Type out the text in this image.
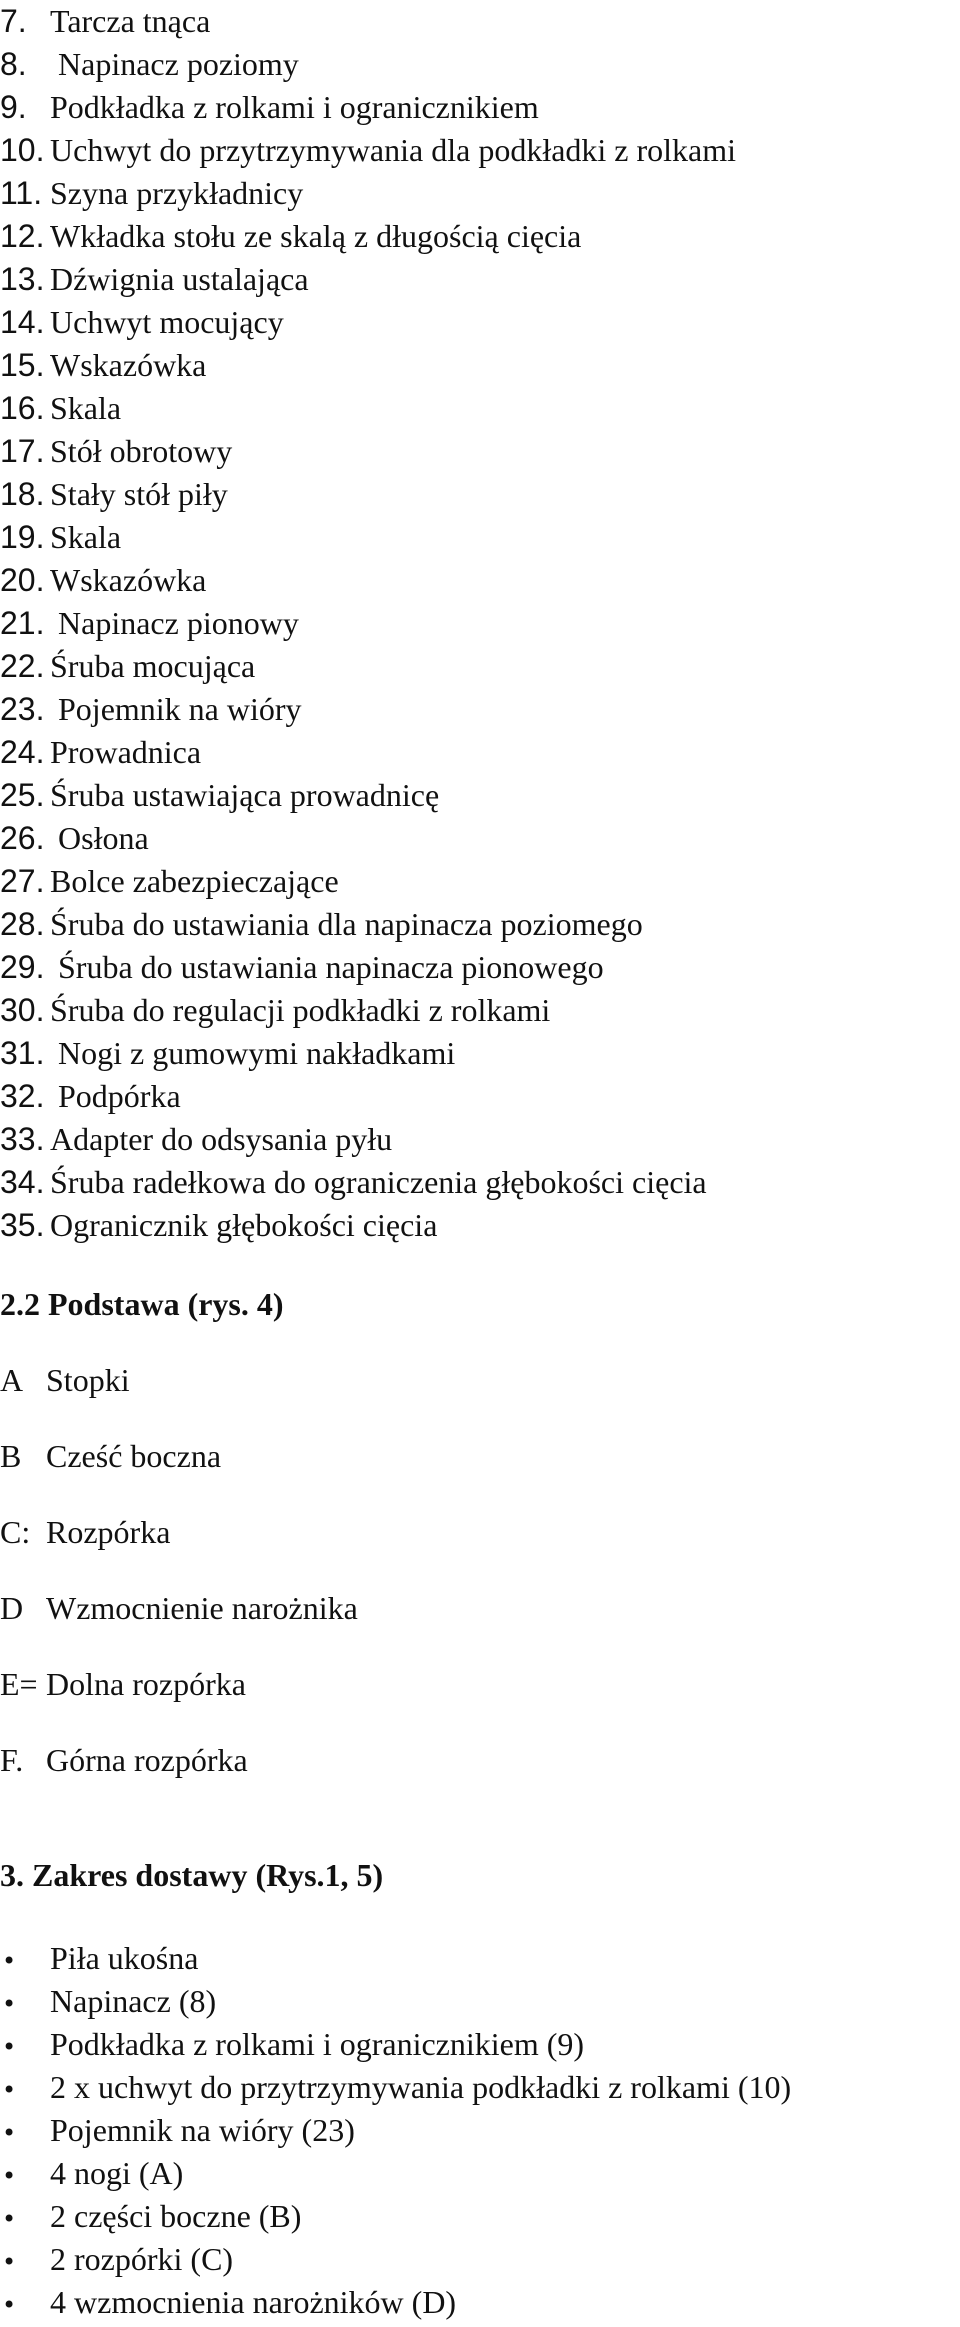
7. Tarcza tnąca
8. Napinacz poziomy
9. Podkładka z rolkami i ogranicznikiem
10. Uchwyt do przytrzymywania dla podkładki z rolkami
11. Szyna przykładnicy
12. Wkładka stołu ze skalą z długością cięcia
13. Dźwignia ustalająca
14. Uchwyt mocujący
15. Wskazówka
16. Skala
17. Stół obrotowy
18. Stały stół piły
19. Skala
20. Wskazówka
21. Napinacz pionowy
22. Śruba mocująca
23. Pojemnik na wióry
24. Prowadnica
25. Śruba ustawiająca prowadnicę
26. Osłona
27. Bolce zabezpieczające
28. Śruba do ustawiania dla napinacza poziomego
29. Śruba do ustawiania napinacza pionowego
30. Śruba do regulacji podkładki z rolkami
31. Nogi z gumowymi nakładkami
32. Podpórka
33. Adapter do odsysania pyłu
34. Śruba radełkowa do ograniczenia głębokości cięcia
35. Ogranicznik głębokości cięcia
2.2 Podstawa (rys. 4)
A Stopki
B Cześć boczna
C: Rozpórka
D Wzmocnienie narożnika
E= Dolna rozpórka
F. Górna rozpórka
3. Zakres dostawy (Rys.1, 5)
• Piła ukośna
• Napinacz (8)
• Podkładka z rolkami i ogranicznikiem (9)
• 2 x uchwyt do przytrzymywania podkładki z rolkami (10)
• Pojemnik na wióry (23)
• 4 nogi (A)
• 2 części boczne (B)
• 2 rozpórki (C)
• 4 wzmocnienia narożników (D)
